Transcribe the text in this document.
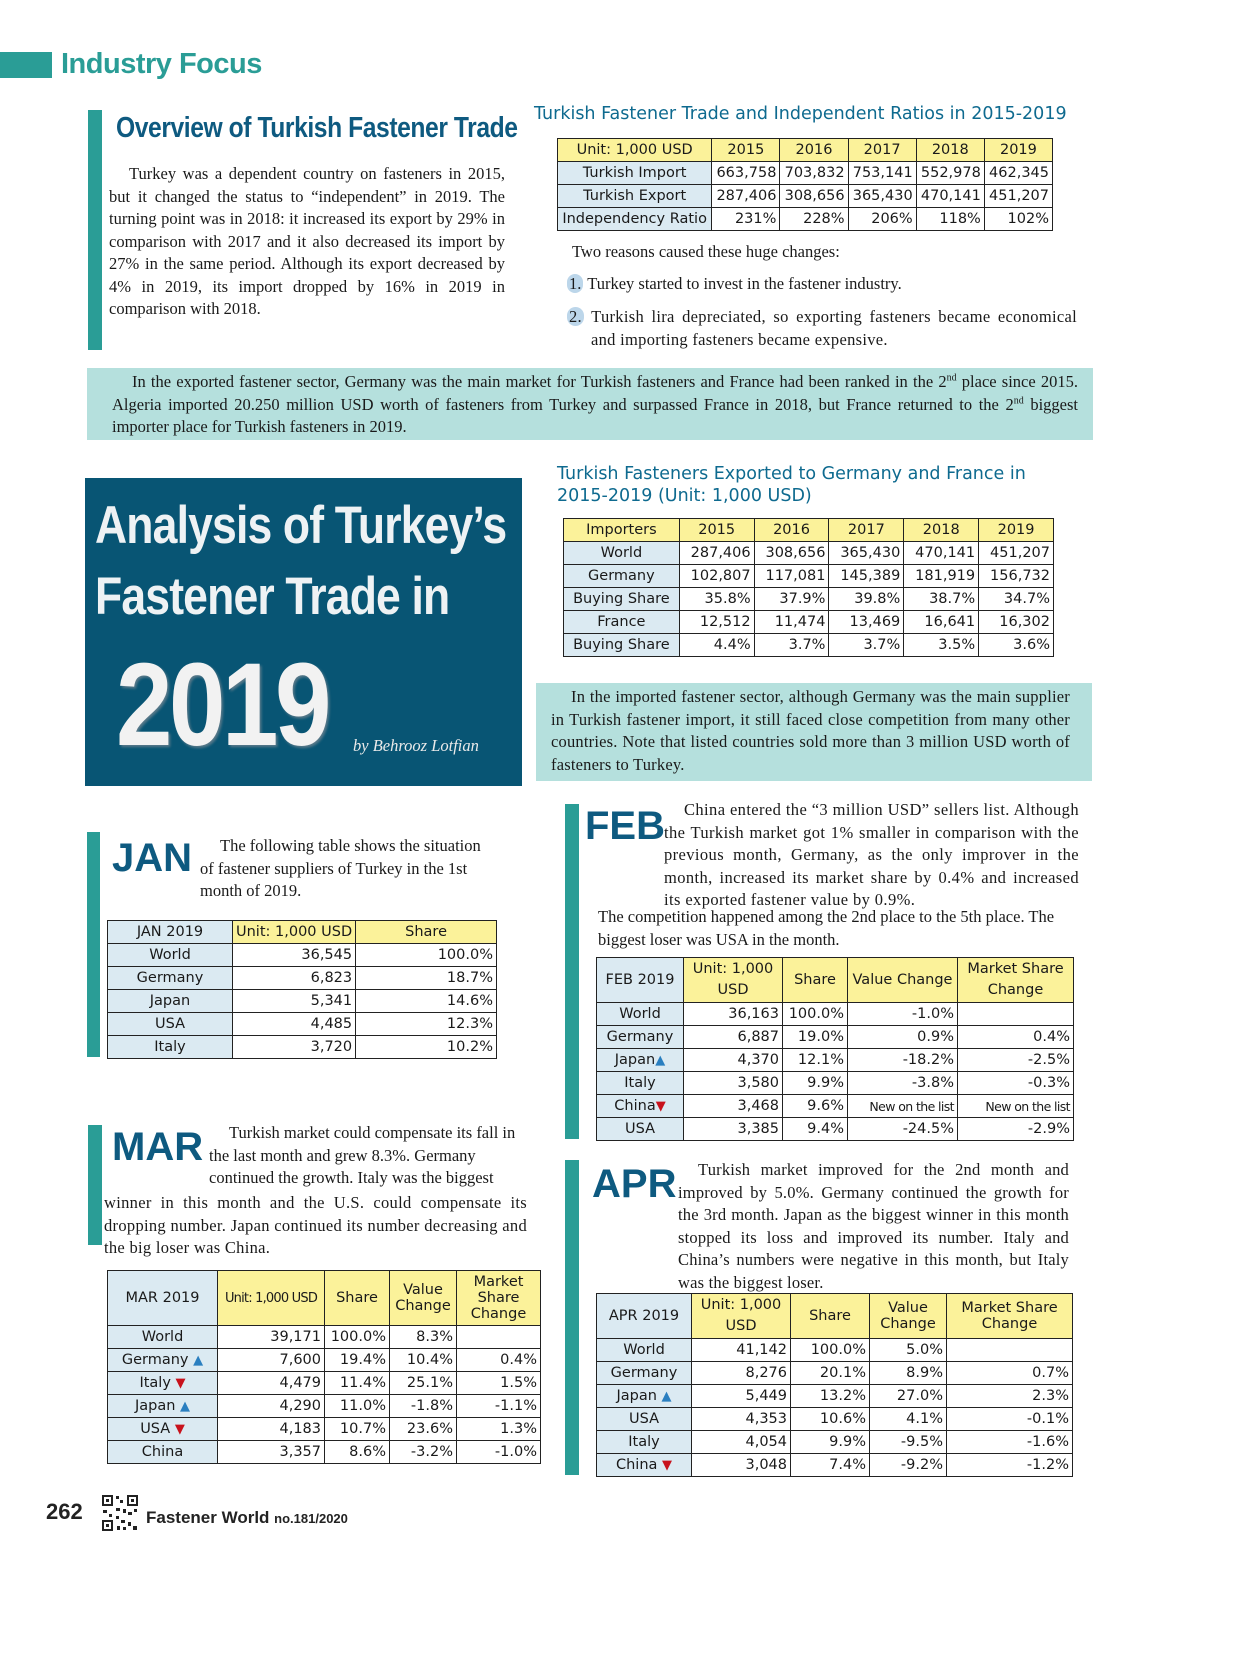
Industry Focus
Overview of Turkish Fastener Trade

Turkey was a dependent country on fasteners in 2015, but it changed the status to “independent” in 2019. The turning point was in 2018: it increased its export by 29% in comparison with 2017 and it also decreased its import by 27% in the same period. Although its export decreased by 4% in 2019, its import dropped by 16% in 2019 in comparison with 2018.

Turkish Fastener Trade and Independent Ratios in 2015-2019
Unit: 1,000 USD	2015	2016	2017	2018	2019
Turkish Import	663,758	703,832	753,141	552,978	462,345
Turkish Export	287,406	308,656	365,430	470,141	451,207
Independency Ratio	231%	228%	206%	118%	102%
Two reasons caused these huge changes:
1. Turkey started to invest in the fastener industry.
2. Turkish lira depreciated, so exporting fasteners became economical and importing fasteners became expensive.

In the exported fastener sector, Germany was the main market for Turkish fasteners and France had been ranked in the 2nd place since 2015. Algeria imported 20.250 million USD worth of fasteners from Turkey and surpassed France in 2018, but France returned to the 2nd biggest importer place for Turkish fasteners in 2019.

Analysis of Turkey’s
Fastener Trade in
2019 by Behrooz Lotfian
Turkish Fasteners Exported to Germany and France in
2015-2019 (Unit: 1,000 USD)
Importers	2015	2016	2017	2018	2019
World	287,406	308,656	365,430	470,141	451,207
Germany	102,807	117,081	145,389	181,919	156,732
Buying Share	35.8%	37.9%	39.8%	38.7%	34.7%
France	12,512	11,474	13,469	16,641	16,302
Buying Share	4.4%	3.7%	3.7%	3.5%	3.6%

In the imported fastener sector, although Germany was the main supplier in Turkish fastener import, it still faced close competition from many other countries. Note that listed countries sold more than 3 million USD worth of fasteners to Turkey.

JAN	The following table shows the situation of fastener suppliers of Turkey in the 1st month of 2019.

JAN 2019	Unit: 1,000 USD	Share
World	36,545	100.0%
Germany	6,823	18.7%
Japan	5,341	14.6%
USA	4,485	12.3%
Italy	3,720	10.2%
FEB	China entered the “3 million USD” sellers list. Although the Turkish market got 1% smaller in comparison with the previous month, Germany, as the only improver in the month, increased its market share by 0.4% and increased its exported fastener value by 0.9%.

The competition happened among the 2nd place to the 5th place. The biggest loser was USA in the month.

FEB 2019	Unit: 1,000 USD	Share	Value Change	Market Share Change
World	36,163	100.0%	-1.0%	
Germany	6,887	19.0%	0.9%	0.4%
Japan▲	4,370	12.1%	-18.2%	-2.5%
Italy	3,580	9.9%	-3.8%	-0.3%
China▼	3,468	9.6%	New on the list	New on the list
USA	3,385	9.4%	-24.5%	-2.9%
MAR	Turkish market could compensate its fall in the last month and grew 8.3%. Germany continued the growth. Italy was the biggest

winner in this month and the U.S. could compensate its dropping number. Japan continued its number decreasing and the big loser was China.

MAR 2019	Unit: 1,000 USD	Share	Value Change	Market Share Change
World	39,171	100.0%	8.3%	
Germany ▲	7,600	19.4%	10.4%	0.4%
Italy ▼	4,479	11.4%	25.1%	1.5%
Japan ▲	4,290	11.0%	-1.8%	-1.1%
USA ▼	4,183	10.7%	23.6%	1.3%
China	3,357	8.6%	-3.2%	-1.0%
APR	Turkish market improved for the 2nd month and improved by 5.0%. Germany continued the growth for the 3rd month. Japan as the biggest winner in this month stopped its loss and improved its number. Italy and China’s numbers were negative in this month, but Italy was the biggest loser.

APR 2019	Unit: 1,000 USD	Share	Value Change	Market Share Change
World	41,142	100.0%	5.0%	
Germany	8,276	20.1%	8.9%	0.7%
Japan ▲	5,449	13.2%	27.0%	2.3%
USA	4,353	10.6%	4.1%	-0.1%
Italy	4,054	9.9%	-9.5%	-1.6%
China ▼	3,048	7.4%	-9.2%	-1.2%
262	Fastener World no.181/2020
